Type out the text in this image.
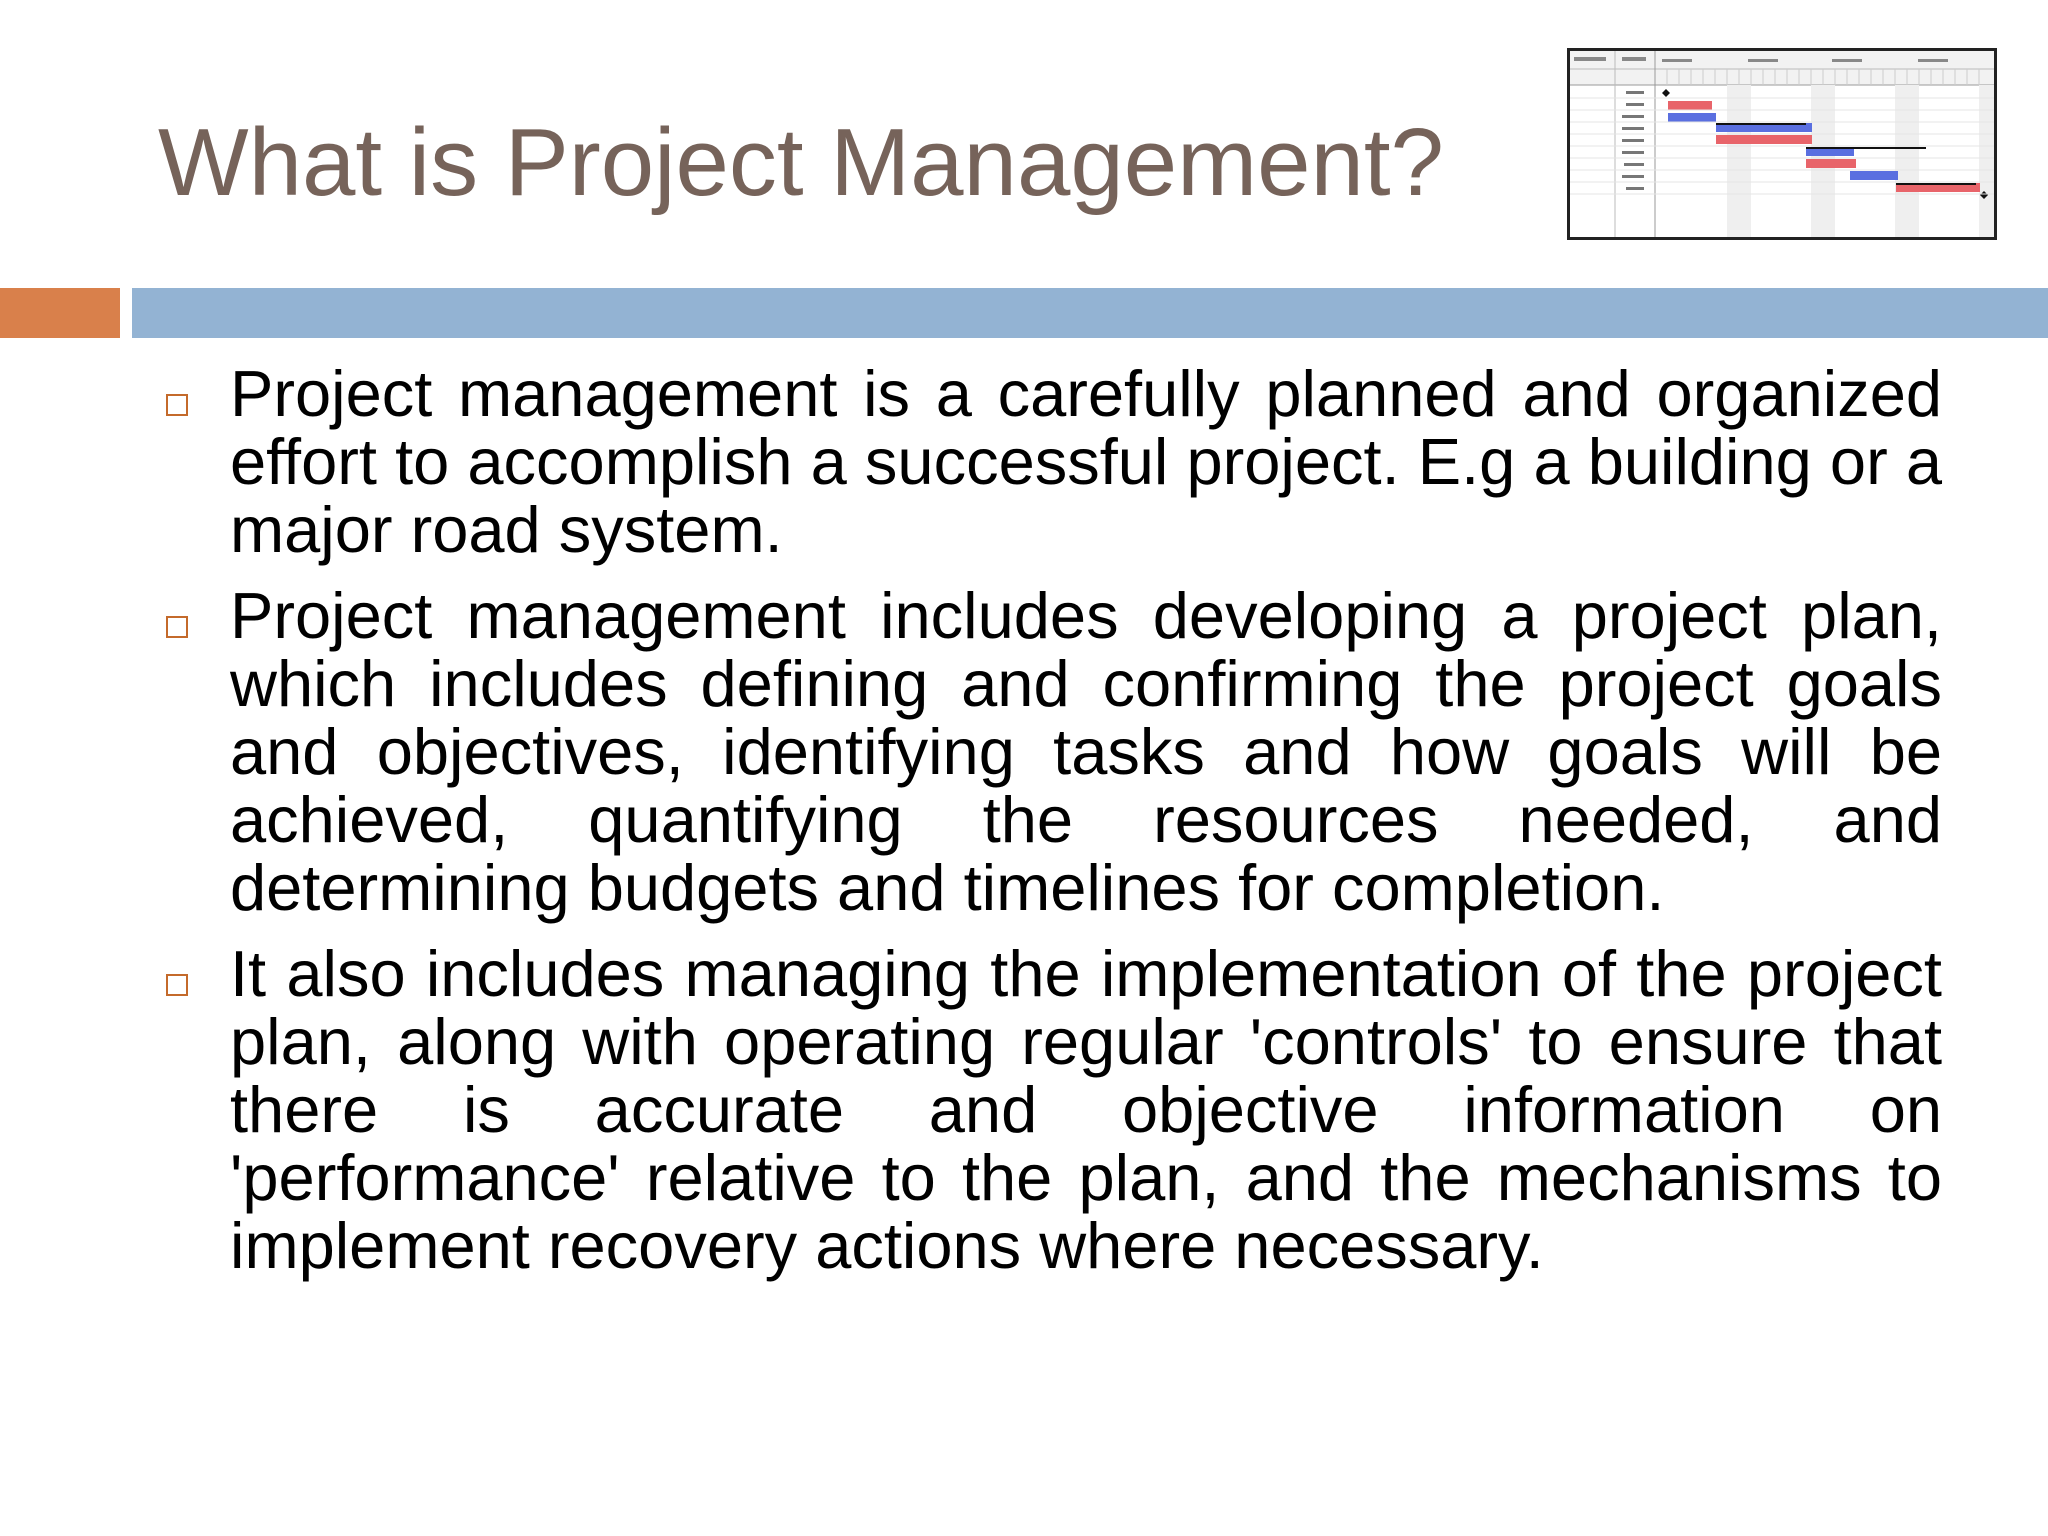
What is Project Management?

Project management is a carefully planned and organized effort to accomplish a successful project. E.g a building or a major road system.

Project management includes developing a project plan, which includes defining and confirming the project goals and objectives, identifying tasks and how goals will be achieved, quantifying the resources needed, and determining budgets and timelines for completion.

It also includes managing the implementation of the project plan, along with operating regular 'controls' to ensure that there is accurate and objective information on 'performance' relative to the plan, and the mechanisms to implement recovery actions where necessary.
